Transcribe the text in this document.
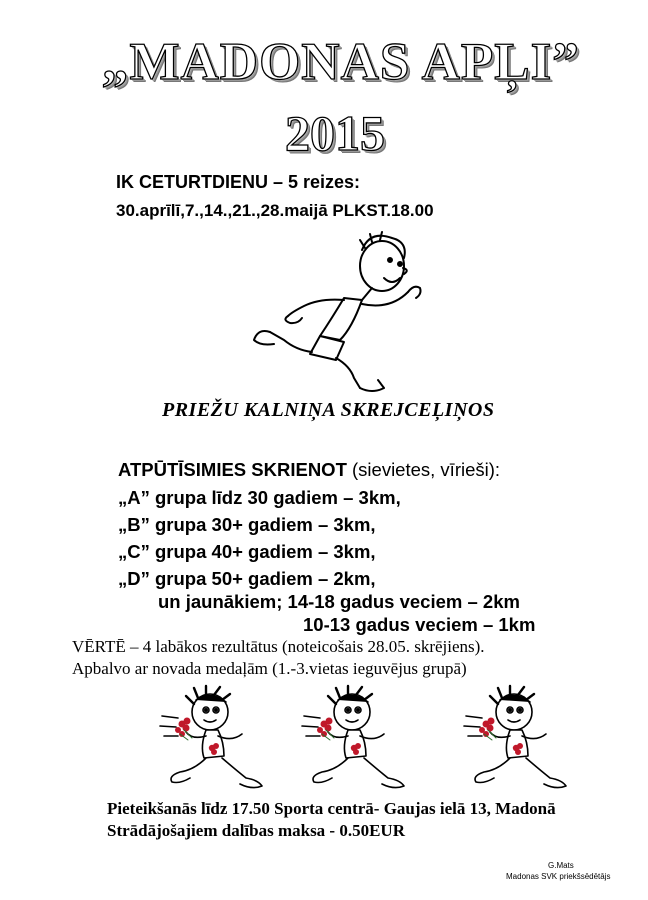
„MADONAS APĻI”
2015
IK CETURTDIENU – 5 reizes:
30.aprīlī,7.,14.,21.,28.maijā PLKST.18.00
PRIEŽU KALNIŅA SKREJCEĻIŅOS
ATPŪTĪSIMIES SKRIENOT (sievietes, vīrieši):
„A” grupa līdz 30 gadiem – 3km,
„B” grupa 30+ gadiem – 3km,
„C” grupa 40+ gadiem – 3km,
„D” grupa 50+ gadiem – 2km,
un jaunākiem; 14-18 gadus veciem – 2km
10-13 gadus veciem – 1km
VĒRTĒ – 4 labākos rezultātus (noteicošais 28.05. skrējiens).
Apbalvo ar novada medaļām (1.-3.vietas ieguvējus grupā)
Pieteikšanās līdz 17.50 Sporta centrā- Gaujas ielā 13, Madonā
Strādājošajiem dalības maksa - 0.50EUR
G.Mats
Madonas SVK priekšsēdētājs
